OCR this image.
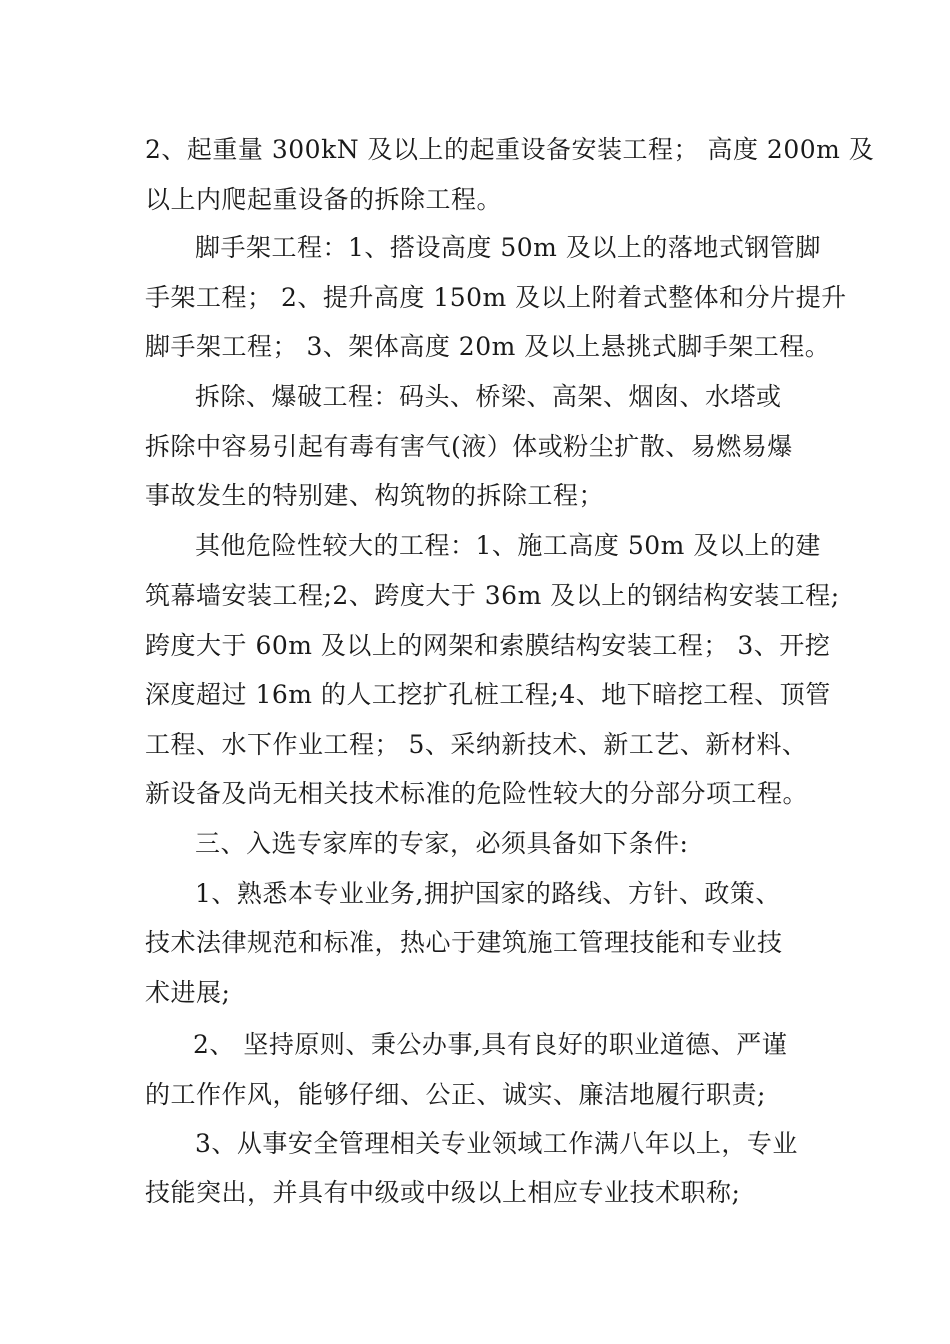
2、起重量 300kN 及以上的起重设备安装工程； 高度 200m 及
以上内爬起重设备的拆除工程。
脚手架工程：1、搭设高度 50m 及以上的落地式钢管脚
手架工程； 2、提升高度 150m 及以上附着式整体和分片提升
脚手架工程； 3、架体高度 20m 及以上悬挑式脚手架工程。
拆除、爆破工程：码头、桥梁、高架、烟囱、水塔或
拆除中容易引起有毒有害气(液）体或粉尘扩散、易燃易爆
事故发生的特别建、构筑物的拆除工程；
其他危险性较大的工程：1、施工高度 50m 及以上的建
筑幕墙安装工程;2、跨度大于 36m 及以上的钢结构安装工程;
跨度大于 60m 及以上的网架和索膜结构安装工程； 3、开挖
深度超过 16m 的人工挖扩孔桩工程;4、地下暗挖工程、顶管
工程、水下作业工程； 5、采纳新技术、新工艺、新材料、
新设备及尚无相关技术标准的危险性较大的分部分项工程。
三、入选专家库的专家，必须具备如下条件:
1、熟悉本专业业务,拥护国家的路线、方针、政策、
技术法律规范和标准，热心于建筑施工管理技能和专业技
术进展;
2、 坚持原则、秉公办事,具有良好的职业道德、严谨
的工作作风，能够仔细、公正、诚实、廉洁地履行职责;
3、从事安全管理相关专业领域工作满八年以上，专业
技能突出，并具有中级或中级以上相应专业技术职称;
